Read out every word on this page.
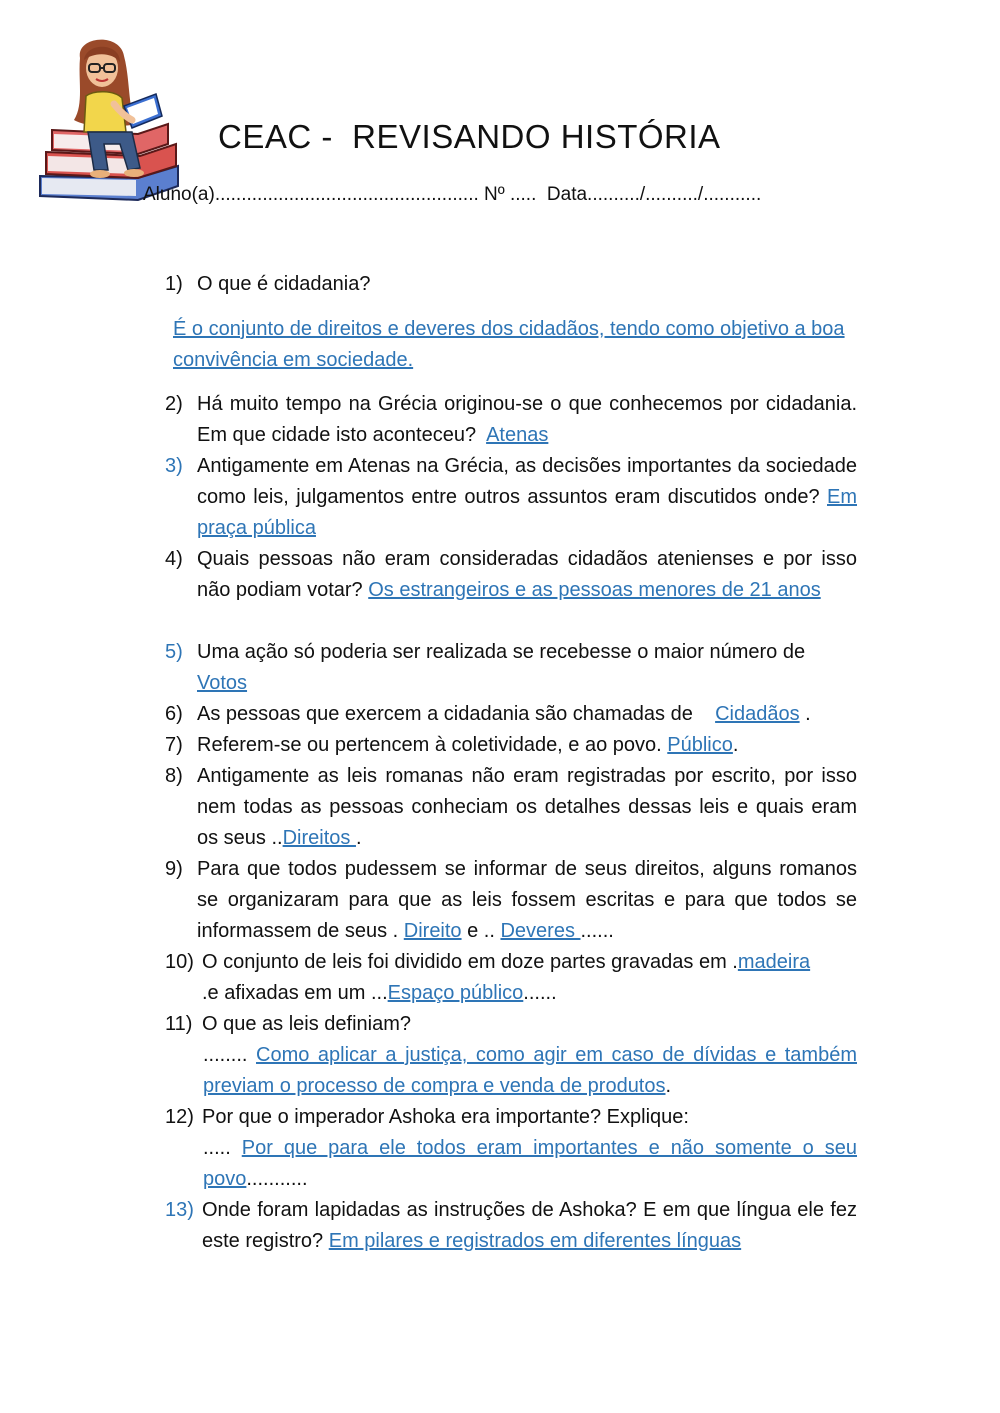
CEAC -  REVISANDO HISTÓRIA
Aluno(a).................................................. Nº .....  Data........../........../...........
1) O que é cidadania?
É o conjunto de direitos e deveres dos cidadãos, tendo como objetivo a boa convivência em sociedade.
2) Há muito tempo na Grécia originou-se o que conhecemos por cidadania. Em que cidade isto aconteceu? Atenas
3) Antigamente em Atenas na Grécia, as decisões importantes da sociedade como leis, julgamentos entre outros assuntos eram discutidos onde? Em praça pública
4) Quais pessoas não eram consideradas cidadãos atenienses e por isso não podiam votar? Os estrangeiros e as pessoas menores de 21 anos
5) Uma ação só poderia ser realizada se recebesse o maior número de
Votos
6) As pessoas que exercem a cidadania são chamadas de Cidadãos .
7) Referem-se ou pertencem à coletividade, e ao povo. Público.
8) Antigamente as leis romanas não eram registradas por escrito, por isso nem todas as pessoas conheciam os detalhes dessas leis e quais eram os seus ..Direitos .
9) Para que todos pudessem se informar de seus direitos, alguns romanos se organizaram para que as leis fossem escritas e para que todos se informassem de seus . Direito e .. Deveres ......
10) O conjunto de leis foi dividido em doze partes gravadas em .madeira
.e afixadas em um ...Espaço público......
11) O que as leis definiam?
........ Como aplicar a justiça, como agir em caso de dívidas e também previam o processo de compra e venda de produtos.
12) Por que o imperador Ashoka era importante? Explique:
..... Por que para ele todos eram importantes e não somente o seu povo...........
13) Onde foram lapidadas as instruções de Ashoka? E em que língua ele fez este registro? Em pilares e registrados em diferentes línguas
